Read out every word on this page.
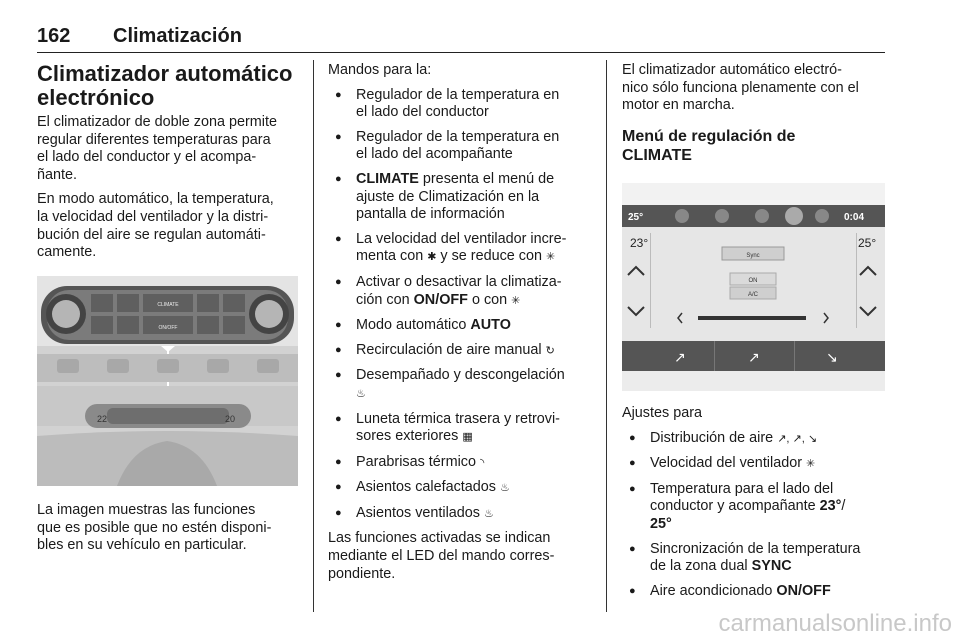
162 Climatización
Climatizador automático
electrónico

El climatizador de doble zona permite
regular diferentes temperaturas para
el lado del conductor y el acompa-
ñante.

En modo automático, la temperatura,
la velocidad del ventilador y la distri-
bución del aire se regulan automáti-
camente.

La imagen muestras las funciones
que es posible que no estén disponi-
bles en su vehículo en particular.

CLIMATE
ON/OFF
22	20

Mandos para la:

● Regulador de la temperatura en
el lado del conductor
● Regulador de la temperatura en
el lado del acompañante
● CLIMATE presenta el menú de
ajuste de Climatización en la
pantalla de información
● La velocidad del ventilador incre-
menta con ✱ y se reduce con ✳
● Activar o desactivar la climatiza-
ción con ON/OFF o con ✳
● Modo automático AUTO
● Recirculación de aire manual ↻
● Desempañado y descongelación
♨
● Luneta térmica trasera y retrovi-
sores exteriores ▦
● Parabrisas térmico ◝
● Asientos calefactados ♨
● Asientos ventilados ♨

Las funciones activadas se indican
mediante el LED del mando corres-
pondiente.

El climatizador automático electró-
nico sólo funciona plenamente con el
motor en marcha.

Menú de regulación de
CLIMATE

Ajustes para

● Distribución de aire ↗, ↗, ↘
● Velocidad del ventilador ✳
● Temperatura para el lado del
conductor y acompañante 23°/
25°
● Sincronización de la temperatura
de la zona dual SYNC
● Aire acondicionado ON/OFF
25°	0:04
23°	25°
Sync
ON
A/C
↗	↗	↘
carmanualsonline.info
